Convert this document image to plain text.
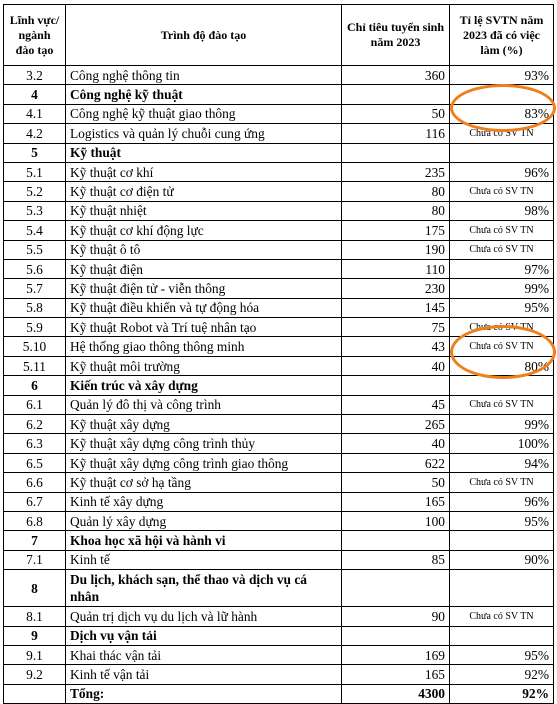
Lĩnh vực/ ngành đào tạo	Trình độ đào tạo	Chỉ tiêu tuyển sinh năm 2023	Tỉ lệ SVTN năm 2023 đã có việc làm (%)
3.2	Công nghệ thông tin	360	93%
4	Công nghệ kỹ thuật		
4.1	Công nghệ kỹ thuật giao thông	50	83%
4.2	Logistics và quản lý chuỗi cung ứng	116	Chưa có SV TN
5	Kỹ thuật		
5.1	Kỹ thuật cơ khí	235	96%
5.2	Kỹ thuật cơ điện tử	80	Chưa có SV TN
5.3	Kỹ thuật nhiệt	80	98%
5.4	Kỹ thuật cơ khí động lực	175	Chưa có SV TN
5.5	Kỹ thuật ô tô	190	Chưa có SV TN
5.6	Kỹ thuật điện	110	97%
5.7	Kỹ thuật điện tử - viễn thông	230	99%
5.8	Kỹ thuật điều khiển và tự động hóa	145	95%
5.9	Kỹ thuật Robot và Trí tuệ nhân tạo	75	Chưa có SV TN
5.10	Hệ thống giao thông thông minh	43	Chưa có SV TN
5.11	Kỹ thuật môi trường	40	80%
6	Kiến trúc và xây dựng		
6.1	Quản lý đô thị và công trình	45	Chưa có SV TN
6.2	Kỹ thuật xây dựng	265	99%
6.3	Kỹ thuật xây dựng công trình thủy	40	100%
6.5	Kỹ thuật xây dựng công trình giao thông	622	94%
6.6	Kỹ thuật cơ sở hạ tầng	50	Chưa có SV TN
6.7	Kinh tế xây dựng	165	96%
6.8	Quản lý xây dựng	100	95%
7	Khoa học xã hội và hành vi		
7.1	Kinh tế	85	90%
8	Du lịch, khách sạn, thể thao và dịch vụ cá nhân		
8.1	Quản trị dịch vụ du lịch và lữ hành	90	Chưa có SV TN
9	Dịch vụ vận tải		
9.1	Khai thác vận tải	169	95%
9.2	Kinh tế vận tải	165	92%
	Tổng:	4300	92%
